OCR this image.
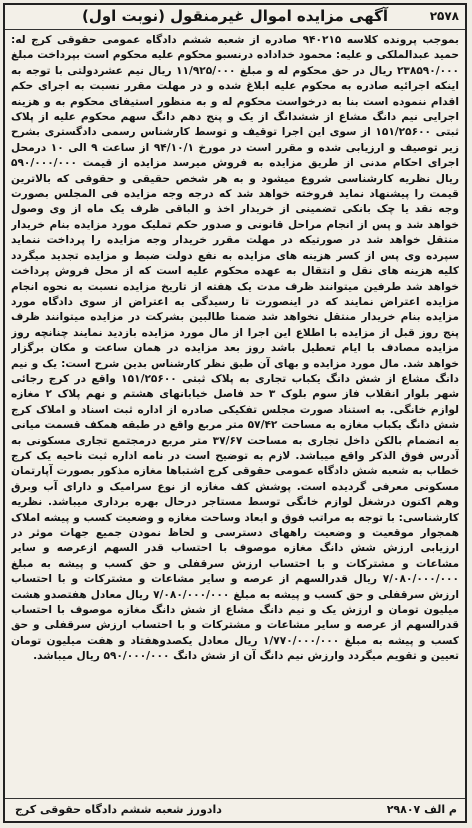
۲۵۷۸
آگهی مزایده اموال غیرمنقول (نوبت اول)

بموجب پرونده کلاسه ۹۴۰۲۱۵ صادره از شعبه ششم دادگاه عمومی حقوقی کرج له: حمید عبدالملکی و علیه: محمود خداداده درنسبو محکوم علیه محکوم است بپرداخت مبلغ ۲۳۸۵۹۰/۰۰۰ ریال در حق محکوم له و مبلغ ۱۱/۹۲۵/۰۰۰ ریال نیم عشردولتی با توجه به اینکه اجرائیه صادره به محکوم علیه ابلاغ شده و در مهلت مقرر نسبت به اجرای حکم اقدام ننموده است بنا به درخواست محکوم له و به منظور استیفای محکوم به و هزینه اجرایی نیم دانگ مشاع از ششدانگ از یک و پنج دهم دانگ سهم محکوم علیه از پلاک ثبتی ۱۵۱/۲۵۶۰۰ از سوی این اجرا توقیف و توسط کارشناس رسمی دادگستری بشرح زیر توصیف و ارزیابی شده و مقرر است در مورخ ۹۴/۱۰/۱ از ساعت ۹ الی ۱۰ درمحل اجرای احکام مدنی از طریق مزایده به فروش میرسد مزایده از قیمت ۵۹۰/۰۰۰/۰۰۰ ریال نظریه کارشناسی شروع میشود و به هر شخص حقیقی و حقوقی که بالاترین قیمت را پیشنهاد نماید فروخته خواهد شد که درجه وجه مزایده فی المجلس بصورت وجه نقد یا چک بانکی تضمینی از خریدار اخذ و الباقی ظرف یک ماه از وی وصول خواهد شد و پس از انجام مراحل قانونی و صدور حکم تملیک مورد مزایده بنام خریدار منتقل خواهد شد در صورتیکه در مهلت مقرر خریدار وجه مزایده را پرداخت ننماید سپرده وی پس از کسر هزینه های مزایده به نفع دولت ضبط و مزایده تجدید میگردد کلیه هزینه های نقل و انتقال به عهده محکوم علیه است که از محل فروش پرداخت خواهد شد طرفین میتوانند ظرف مدت یک هفته از تاریخ مزایده نسبت به نحوه انجام مزایده اعتراض نمایند که در اینصورت تا رسیدگی به اعتراض از سوی دادگاه مورد مزایده بنام خریدار منتقل نخواهد شد ضمنا طالبین بشرکت در مزایده میتوانند ظرف پنج روز قبل از مزایده با اطلاع این اجرا از مال مورد مزایده بازدید نمایند چنانچه روز مزایده مصادف با ایام تعطیل باشد روز بعد مزایده در همان ساعت و مکان برگزار خواهد شد. مال مورد مزایده و بهای آن طبق نظر کارشناس بدین شرح است: یک و نیم دانگ مشاع از شش دانگ یکباب تجاری به پلاک ثبتی ۱۵۱/۲۵۶۰۰ واقع در کرج رجائی شهر بلوار انقلاب فاز سوم بلوک ۳ حد فاصل خیابانهای هشتم و نهم پلاک ۲ مغازه لوازم خانگی. به استناد صورت مجلس تفکیکی صادره از اداره ثبت اسناد و املاک کرج شش دانگ یکباب مغازه به مساحت ۵۷/۴۲ متر مربع واقع در طبقه همکف قسمت میانی به انضمام بالکن داخل تجاری به مساحت ۳۷/۶۷ متر مربع درمجتمع تجاری مسکونی به آدرس فوق الذکر واقع میباشد. لازم به توضیح است در نامه اداره ثبت ناحیه یک کرج خطاب به شعبه شش دادگاه عمومی حقوقی کرج اشتباها مغازه مذکور بصورت آپارتمان مسکونی معرفی گردیده است. پوشش کف مغازه از نوع سرامیک و دارای آب وبرق وهم اکنون درشغل لوازم خانگی توسط مستاجر درحال بهره برداری میباشد. نظریه کارشناسی: با توجه به مراتب فوق و ابعاد وساحت مغازه و وضعیت کسب و پیشه املاک همجوار موقعیت و وضعیت راههای دسترسی و لحاظ نمودن جمیع جهات موثر در ارزیابی ارزش شش دانگ مغازه موصوف با احتساب قدر السهم ازعرصه و سایر مشاعات و مشترکات و با احتساب ارزش سرقفلی و حق کسب و پیشه به مبلغ ۷/۰۸۰/۰۰۰/۰۰۰ ریال قدرالسهم از عرصه و سایر مشاعات و مشترکات و با احتساب ارزش سرقفلی و حق کسب و پیشه به مبلغ ۷/۰۸۰/۰۰۰/۰۰۰ ریال معادل هفتصدو هشت میلیون تومان و ارزش یک و نیم دانگ مشاع از شش دانگ مغازه موصوف با احتساب قدرالسهم از عرصه و سایر مشاعات و مشترکات و با احتساب ارزش سرقفلی و حق کسب و پیشه به مبلغ ۱/۷۷۰/۰۰۰/۰۰۰ ریال معادل یکصدوهفتاد و هفت میلیون تومان تعیین و تقویم میگردد وارزش نیم دانگ آن از شش دانگ ۵۹۰/۰۰۰/۰۰۰ ریال میباشد.

م الف ۲۹۸۰۷
دادورز شعبه ششم دادگاه حقوقی کرج
